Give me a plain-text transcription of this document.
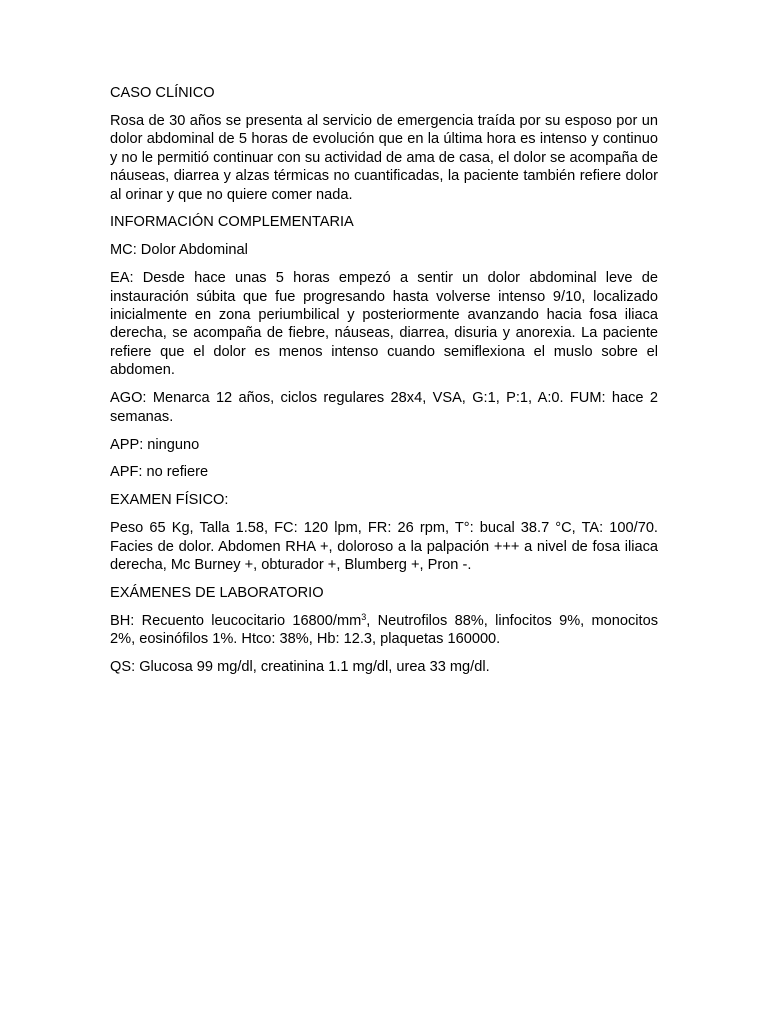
CASO CLÍNICO
Rosa de 30 años se presenta al servicio de emergencia traída por su esposo por un dolor abdominal de 5 horas de evolución que en la última hora es intenso y continuo y no le permitió continuar con su actividad de ama de casa, el dolor se acompaña de náuseas, diarrea y alzas térmicas no cuantificadas, la paciente también refiere dolor al orinar y que no quiere comer nada.
INFORMACIÓN COMPLEMENTARIA
MC: Dolor Abdominal
EA: Desde hace unas 5 horas empezó a sentir un dolor abdominal leve de instauración súbita que fue progresando hasta volverse intenso 9/10, localizado inicialmente en zona periumbilical y posteriormente avanzando hacia fosa iliaca derecha, se acompaña de fiebre, náuseas, diarrea, disuria y anorexia. La paciente refiere que el dolor es menos intenso cuando semiflexiona el muslo sobre el abdomen.
AGO: Menarca 12 años, ciclos regulares 28x4, VSA, G:1, P:1, A:0. FUM: hace 2 semanas.
APP: ninguno
APF: no refiere
EXAMEN FÍSICO:
Peso 65 Kg, Talla 1.58, FC: 120 lpm, FR: 26 rpm, T°: bucal 38.7 °C, TA: 100/70. Facies de dolor. Abdomen RHA +, doloroso a la palpación +++ a nivel de fosa iliaca derecha, Mc Burney +, obturador +, Blumberg +, Pron -.
EXÁMENES DE LABORATORIO
BH: Recuento leucocitario $16800/mm^3$, Neutrofilos 88%, linfocitos 9%, monocitos 2%, eosinófilos 1%. Htco: 38%, Hb: 12.3, plaquetas 160000.
QS: Glucosa 99 mg/dl, creatinina 1.1 mg/dl, urea 33 mg/dl.
